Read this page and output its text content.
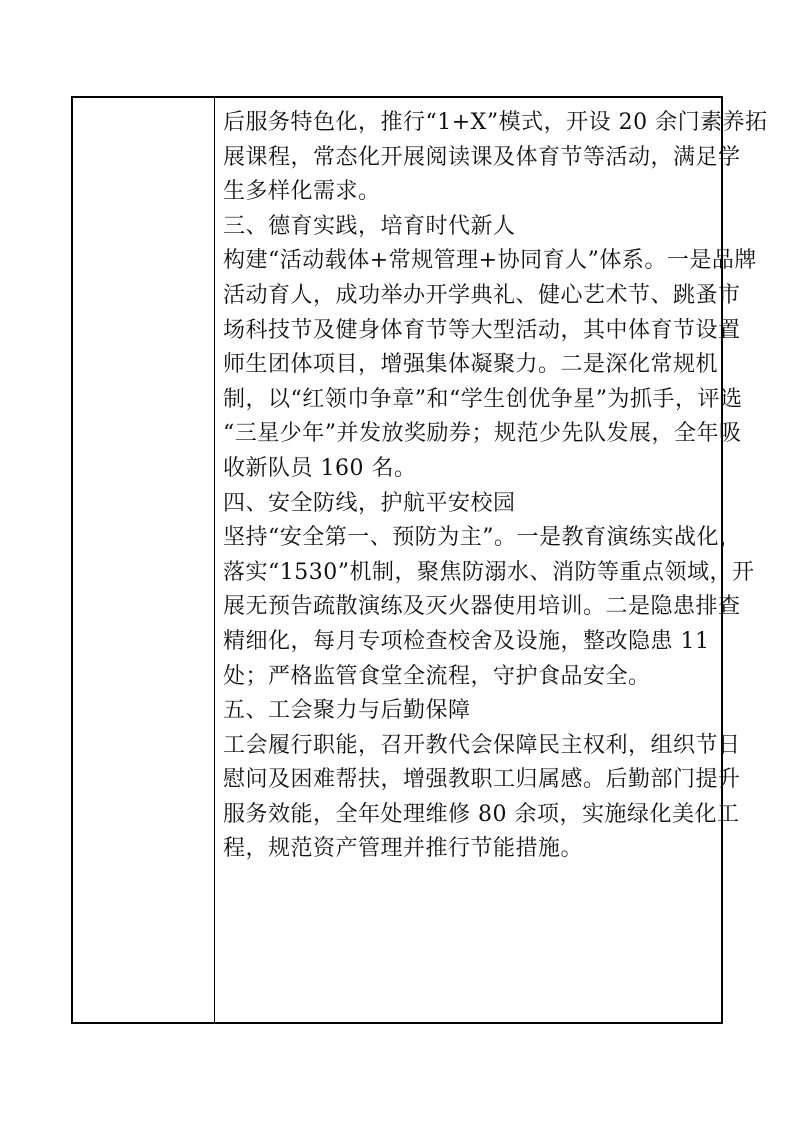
后服务特色化，推行“1+X”模式，开设 20 余门素养拓
展课程，常态化开展阅读课及体育节等活动，满足学
生多样化需求。
三、德育实践，培育时代新人
构建“活动载体+常规管理+协同育人”体系。一是品牌
活动育人，成功举办开学典礼、健心艺术节、跳蚤市
场科技节及健身体育节等大型活动，其中体育节设置
师生团体项目，增强集体凝聚力。二是深化常规机
制，以“红领巾争章”和“学生创优争星”为抓手，评选
“三星少年”并发放奖励券；规范少先队发展，全年吸
收新队员 160 名。
四、安全防线，护航平安校园
坚持“安全第一、预防为主”。一是教育演练实战化，
落实“1530”机制，聚焦防溺水、消防等重点领域，开
展无预告疏散演练及灭火器使用培训。二是隐患排查
精细化，每月专项检查校舍及设施，整改隐患 11
处；严格监管食堂全流程，守护食品安全。
五、工会聚力与后勤保障
工会履行职能，召开教代会保障民主权利，组织节日
慰问及困难帮扶，增强教职工归属感。后勤部门提升
服务效能，全年处理维修 80 余项，实施绿化美化工
程，规范资产管理并推行节能措施。
